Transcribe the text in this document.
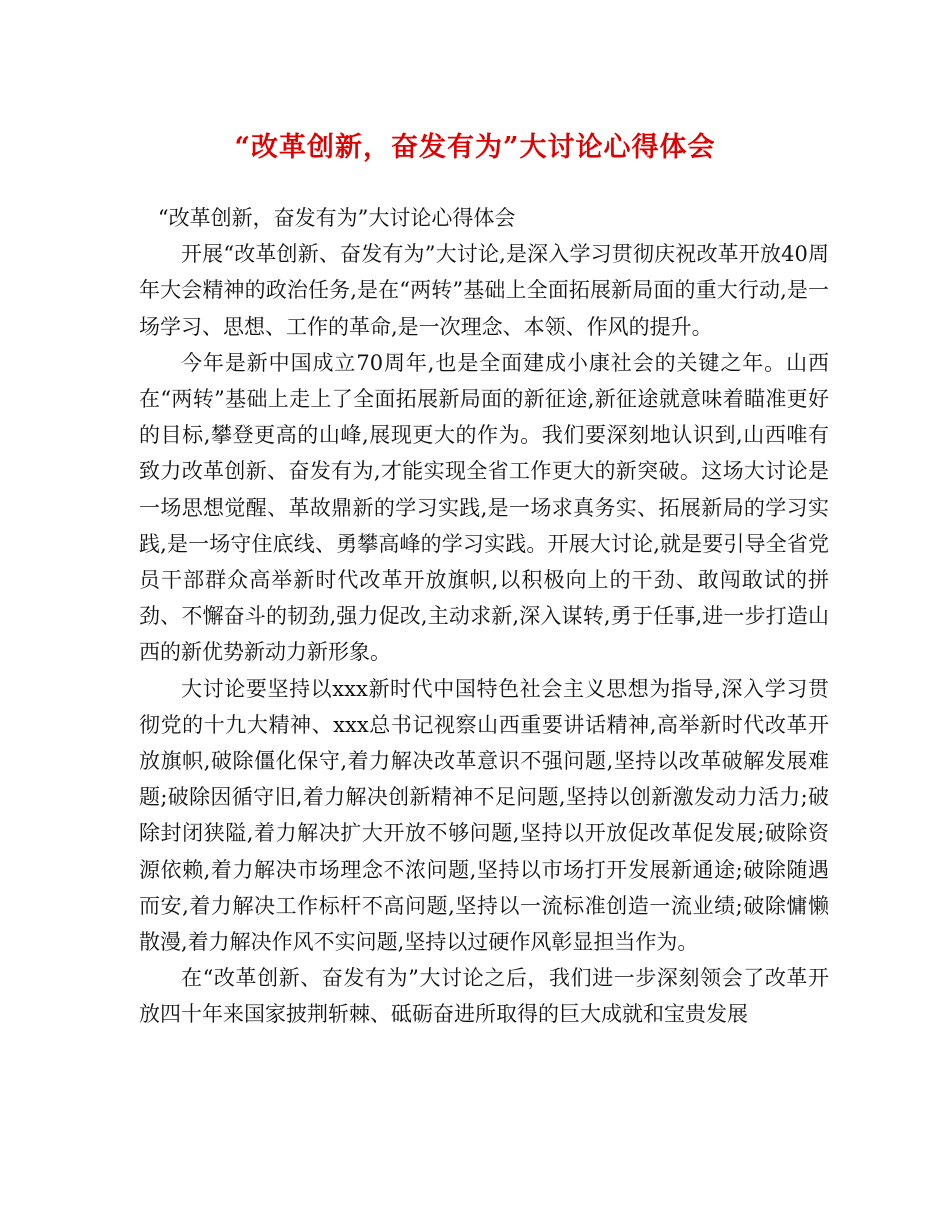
“改革创新，奋发有为”大讨论心得体会

“改革创新，奋发有为”大讨论心得体会

开展“改革创新、奋发有为”大讨论,是深入学习贯彻庆祝改革开放40周年大会精神的政治任务,是在“两转”基础上全面拓展新局面的重大行动,是一场学习、思想、工作的革命,是一次理念、本领、作风的提升。

今年是新中国成立70周年,也是全面建成小康社会的关键之年。山西在“两转”基础上走上了全面拓展新局面的新征途,新征途就意味着瞄准更好的目标,攀登更高的山峰,展现更大的作为。我们要深刻地认识到,山西唯有致力改革创新、奋发有为,才能实现全省工作更大的新突破。这场大讨论是一场思想觉醒、革故鼎新的学习实践,是一场求真务实、拓展新局的学习实践,是一场守住底线、勇攀高峰的学习实践。开展大讨论,就是要引导全省党员干部群众高举新时代改革开放旗帜,以积极向上的干劲、敢闯敢试的拼劲、不懈奋斗的韧劲,强力促改,主动求新,深入谋转,勇于任事,进一步打造山西的新优势新动力新形象。

大讨论要坚持以xxx新时代中国特色社会主义思想为指导,深入学习贯彻党的十九大精神、xxx总书记视察山西重要讲话精神,高举新时代改革开放旗帜,破除僵化保守,着力解决改革意识不强问题,坚持以改革破解发展难题;破除因循守旧,着力解决创新精神不足问题,坚持以创新激发动力活力;破除封闭狭隘,着力解决扩大开放不够问题,坚持以开放促改革促发展;破除资源依赖,着力解决市场理念不浓问题,坚持以市场打开发展新通途;破除随遇而安,着力解决工作标杆不高问题,坚持以一流标准创造一流业绩;破除慵懒散漫,着力解决作风不实问题,坚持以过硬作风彰显担当作为。

在“改革创新、奋发有为”大讨论之后，我们进一步深刻领会了改革开放四十年来国家披荆斩棘、砥砺奋进所取得的巨大成就和宝贵发展
